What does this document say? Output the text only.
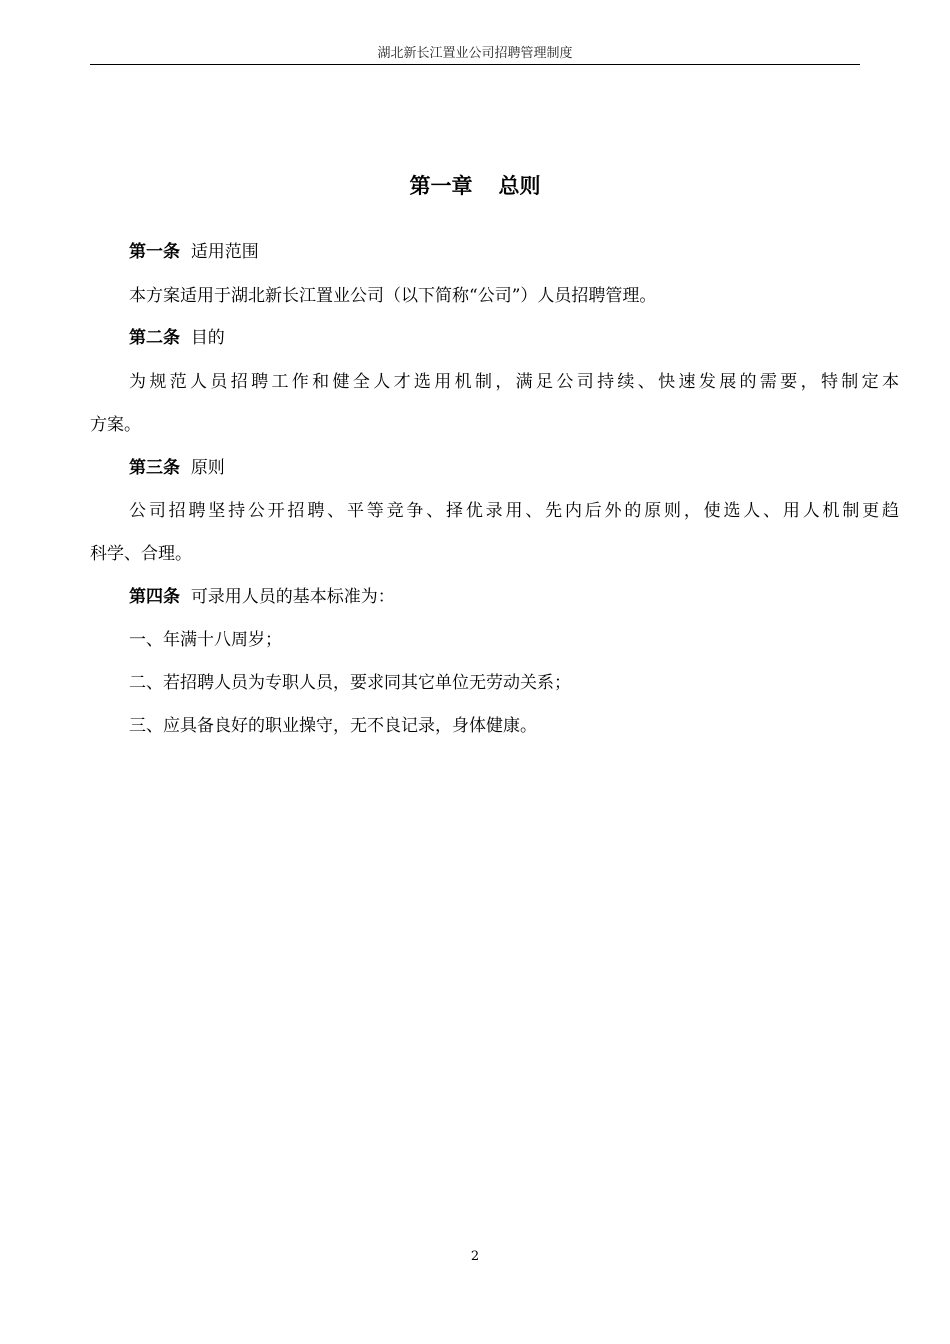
湖北新长江置业公司招聘管理制度
第一章 总则
第一条 适用范围
本方案适用于湖北新长江置业公司（以下简称“公司”）人员招聘管理。
第二条 目的
为规范人员招聘工作和健全人才选用机制，满足公司持续、快速发展的需要，特制定本
方案。
第三条 原则
公司招聘坚持公开招聘、平等竞争、择优录用、先内后外的原则，使选人、用人机制更趋
科学、合理。
第四条 可录用人员的基本标准为：
一、年满十八周岁；
二、若招聘人员为专职人员，要求同其它单位无劳动关系；
三、应具备良好的职业操守，无不良记录，身体健康。
2
